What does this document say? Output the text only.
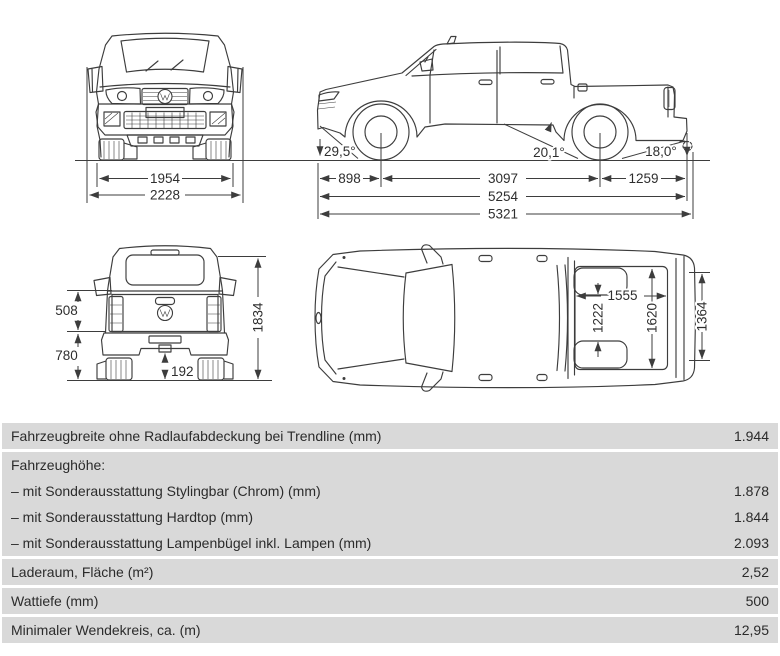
1954
2228
29,5°	20,1°	18,0°
898	3097	1259
5254
5321
508
780
192
1834
1555
1222	1620	1364
Fahrzeugbreite ohne Radlaufabdeckung bei Trendline (mm)	1.944
Fahrzeughöhe:
– mit Sonderausstattung Stylingbar (Chrom) (mm)	1.878
– mit Sonderausstattung Hardtop (mm)	1.844
– mit Sonderausstattung Lampenbügel inkl. Lampen (mm)	2.093
Laderaum, Fläche (m²)	2,52
Wattiefe (mm)	500
Minimaler Wendekreis, ca. (m)	12,95
